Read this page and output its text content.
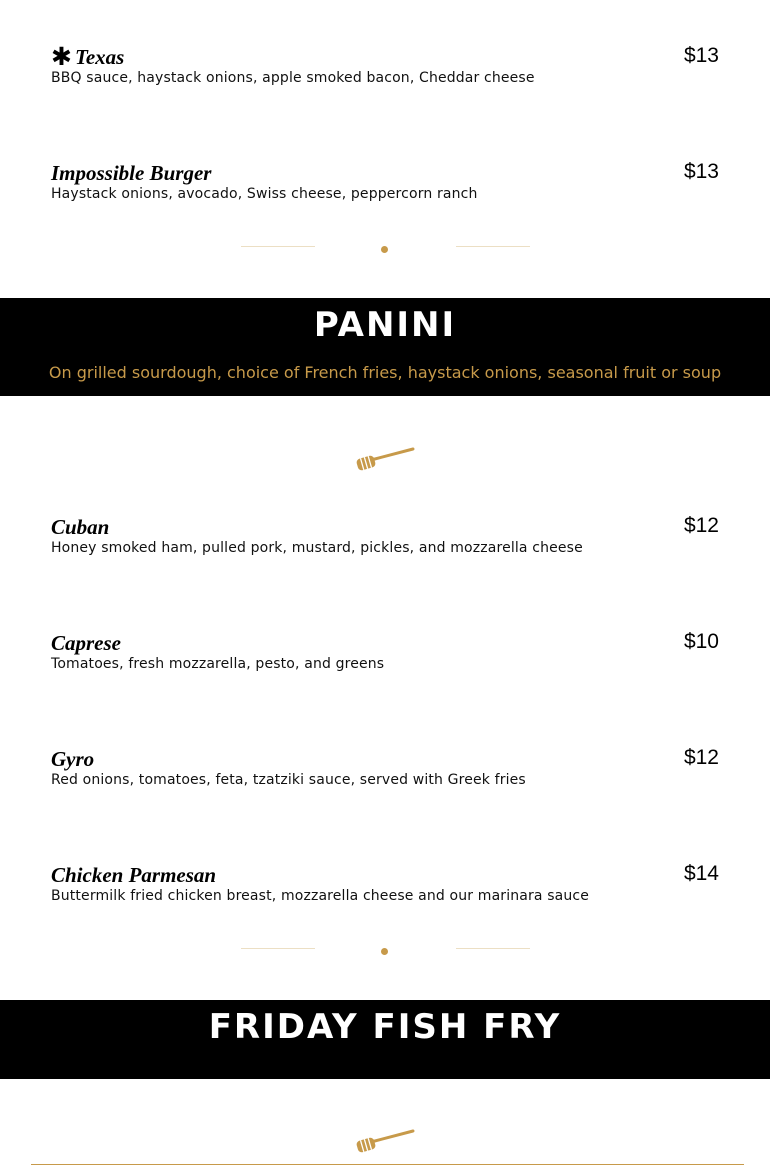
✱ Texas	$13
BBQ sauce, haystack onions, apple smoked bacon, Cheddar cheese
Impossible Burger	$13
Haystack onions, avocado, Swiss cheese, peppercorn ranch
PANINI
On grilled sourdough, choice of French fries, haystack onions, seasonal fruit or soup
Cuban	$12
Honey smoked ham, pulled pork, mustard, pickles, and mozzarella cheese
Caprese	$10
Tomatoes, fresh mozzarella, pesto, and greens
Gyro	$12
Red onions, tomatoes, feta, tzatziki sauce, served with Greek fries
Chicken Parmesan	$14
Buttermilk fried chicken breast, mozzarella cheese and our marinara sauce
FRIDAY FISH FRY
